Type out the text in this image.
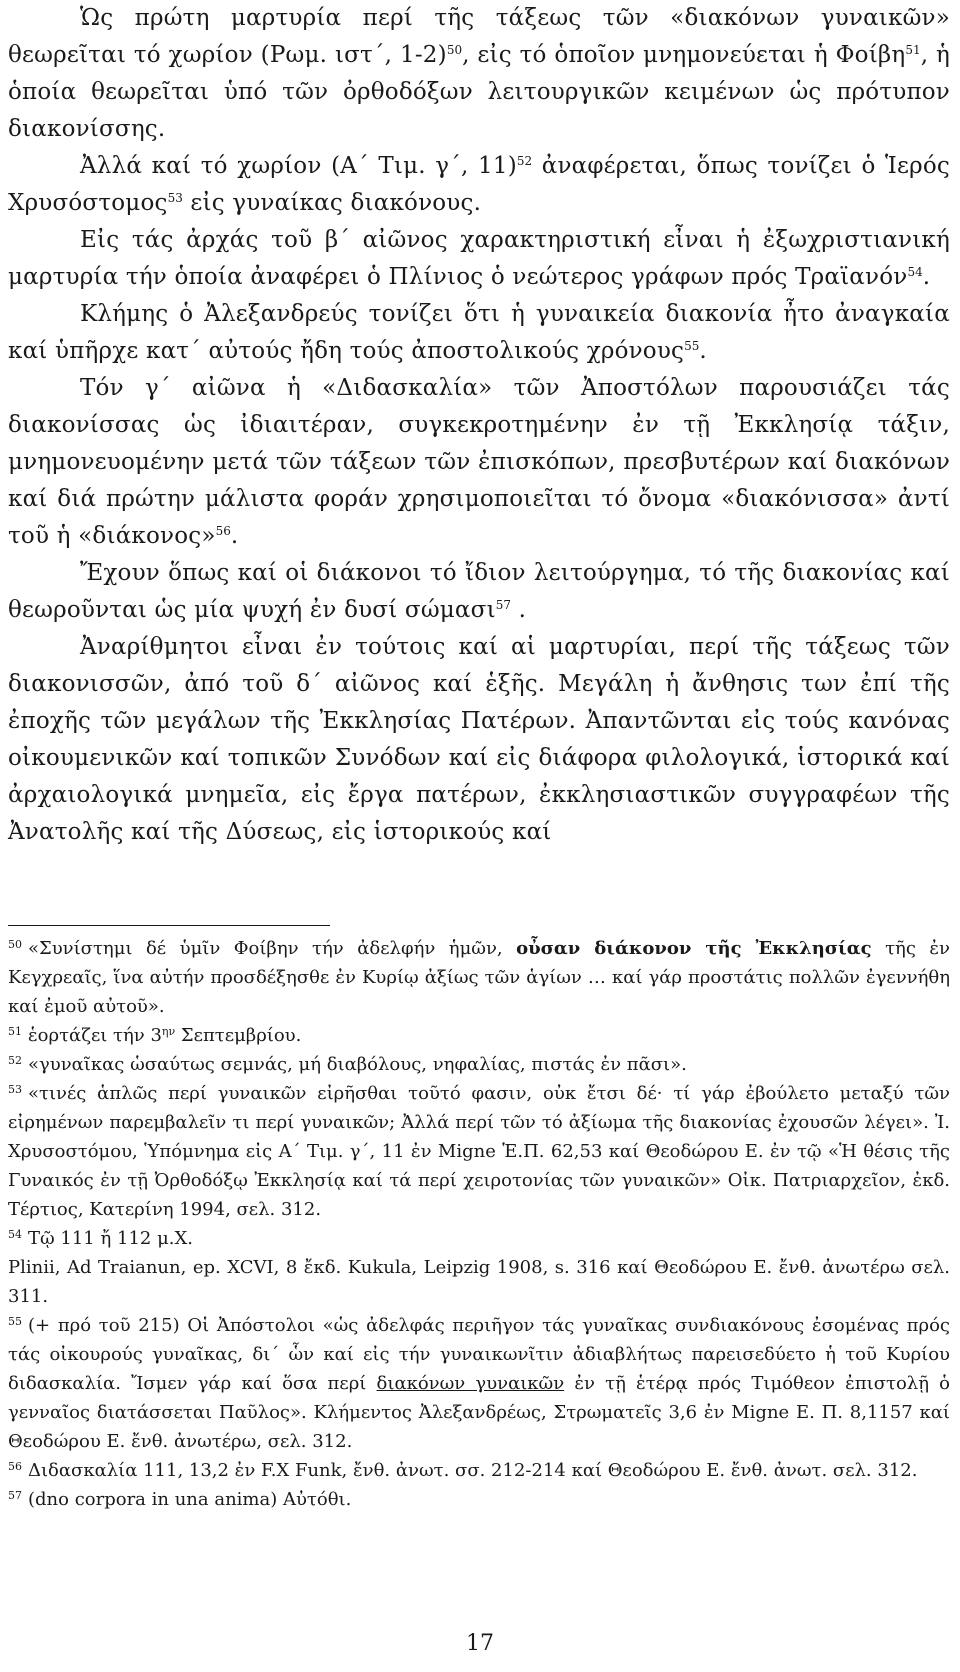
Ὡς πρώτη μαρτυρία περί τῆς τάξεως τῶν «διακόνων γυναικῶν» θεωρεῖται τό χωρίον (Ρωμ. ιστ΄, 1-2)$^{50}$, εἰς τό ὁποῖον μνημονεύεται ἡ Φοίβη$^{51}$, ἡ ὁποία θεωρεῖται ὑπό τῶν ὀρθοδόξων λειτουργικῶν κειμένων ὡς πρότυπον διακονίσσης.

Ἀλλά καί τό χωρίον (Α΄ Τιμ. γ΄, 11)$^{52}$ ἀναφέρεται, ὅπως τονίζει ὁ Ἱερός Χρυσόστομος$^{53}$ εἰς γυναίκας διακόνους.

Εἰς τάς ἀρχάς τοῦ β΄ αἰῶνος χαρακτηριστική εἶναι ἡ ἐξωχριστιανική μαρτυρία τήν ὁποία ἀναφέρει ὁ Πλίνιος ὁ νεώτερος γράφων πρός Τραϊανόν$^{54}$.

Κλήμης ὁ Ἀλεξανδρεύς τονίζει ὅτι ἡ γυναικεία διακονία ἦτο ἀναγκαία καί ὑπῆρχε κατ΄ αὐτούς ἤδη τούς ἀποστολικούς χρόνους$^{55}$.

Τόν γ΄ αἰῶνα ἡ «Διδασκαλία» τῶν Ἀποστόλων παρουσιάζει τάς διακονίσσας ὡς ἰδιαιτέραν, συγκεκροτημένην ἐν τῇ Ἐκκλησίᾳ τάξιν, μνημονευομένην μετά τῶν τάξεων τῶν ἐπισκόπων, πρεσβυτέρων καί διακόνων καί διά πρώτην μάλιστα φοράν χρησιμοποιεῖται τό ὄνομα «διακόνισσα» ἀντί τοῦ ἡ «διάκονος»$^{56}$.

Ἔχουν ὅπως καί οἱ διάκονοι τό ἴδιον λειτούργημα, τό τῆς διακονίας καί θεωροῦνται ὡς μία ψυχή ἐν δυσί σώμασι$^{57}$ .

Ἀναρίθμητοι εἶναι ἐν τούτοις καί αἱ μαρτυρίαι, περί τῆς τάξεως τῶν διακονισσῶν, ἀπό τοῦ δ΄ αἰῶνος καί ἑξῆς. Μεγάλη ἡ ἄνθησις των ἐπί τῆς ἐποχῆς τῶν μεγάλων τῆς Ἐκκλησίας Πατέρων. Ἀπαντῶνται εἰς τούς κανόνας οἰκουμενικῶν καί τοπικῶν Συνόδων καί εἰς διάφορα φιλολογικά, ἱστορικά καί ἀρχαιολογικά μνημεῖα, εἰς ἔργα πατέρων, ἐκκλησιαστικῶν συγγραφέων τῆς Ἀνατολῆς καί τῆς Δύσεως, εἰς ἱστορικούς καί

$^{50}$ «Συνίστημι δέ ὑμῖν Φοίβην τήν ἀδελφήν ἡμῶν, οὖσαν διάκονον τῆς Ἐκκλησίας τῆς ἐν Κεγχρεαῖς, ἵνα αὐτήν προσδέξησθε ἐν Κυρίῳ ἀξίως τῶν ἁγίων … καί γάρ προστάτις πολλῶν ἐγεννήθη καί ἐμοῦ αὐτοῦ».

$^{51}$ ἑορτάζει τήν $3^{\eta\nu}$ Σεπτεμβρίου.

$^{52}$ «γυναῖκας ὡσαύτως σεμνάς, μή διαβόλους, νηφαλίας, πιστάς ἐν πᾶσι».

$^{53}$ «τινές ἁπλῶς περί γυναικῶν εἰρῆσθαι τοῦτό φασιν, οὐκ ἔτσι δέ· τί γάρ ἐβούλετο μεταξύ τῶν εἰρημένων παρεμβαλεῖν τι περί γυναικῶν; Ἀλλά περί τῶν τό ἀξίωμα τῆς διακονίας ἐχουσῶν λέγει». Ἰ. Χρυσοστόμου, Ὑπόμνημα εἰς Α΄ Τιμ. γ΄, 11 ἐν Migne Ἑ.Π. 62,53 καί Θεοδώρου Ε. ἐν τῷ «Ἡ θέσις τῆς Γυναικός ἐν τῇ Ὀρθοδόξῳ Ἐκκλησίᾳ καί τά περί χειροτονίας τῶν γυναικῶν» Οἰκ. Πατριαρχεῖον, ἐκδ. Τέρτιος, Κατερίνη 1994, σελ. 312.

$^{54}$ Τῷ 111 ἤ 112 μ.Χ.

Plinii, Ad Traianun, ep. XCVI, 8 ἔκδ. Kukula, Leipzig 1908, s. 316 καί Θεοδώρου Ε. ἔνθ. ἀνωτέρω σελ. 311.

$^{55}$ (+ πρό τοῦ 215) Οἱ Ἀπόστολοι «ὡς ἀδελφάς περιῆγον τάς γυναῖκας συνδιακόνους ἐσομένας πρός τάς οἰκουρούς γυναῖκας, δι΄ ὧν καί εἰς τήν γυναικωνῖτιν ἀδιαβλήτως παρεισεδύετο ἡ τοῦ Κυρίου διδασκαλία. Ἴσμεν γάρ καί ὅσα περί διακόνων γυναικῶν ἐν τῇ ἑτέρᾳ πρός Τιμόθεον ἐπιστολῇ ὁ γενναῖος διατάσσεται Παῦλος». Κλήμεντος Ἀλεξανδρέως, Στρωματεῖς 3,6 ἐν Migne Ε. Π. 8,1157 καί Θεοδώρου Ε. ἔνθ. ἀνωτέρω, σελ. 312.

$^{56}$ Διδασκαλία 111, 13,2 ἐν F.X Funk, ἔνθ. ἀνωτ. σσ. 212-214 καί Θεοδώρου Ε. ἔνθ. ἀνωτ. σελ. 312.

$^{57}$ (dno corpora in una anima) Αὐτόθι.

17
